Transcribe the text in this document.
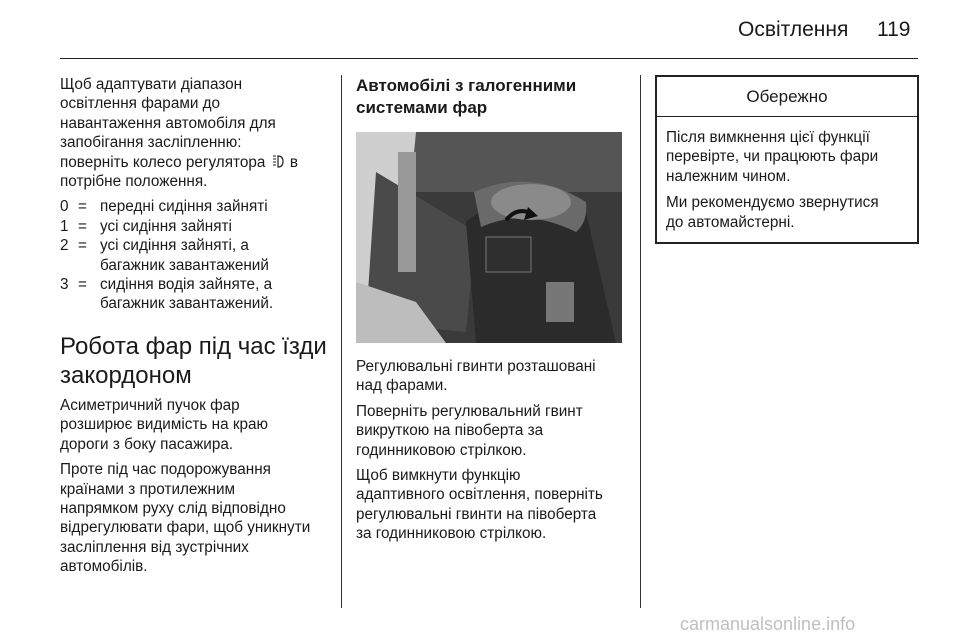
Освітлення 119

Щоб адаптувати діапазон
освітлення фарами до
навантаження автомобіля для
запобігання засліпленню:
поверніть колесо регулятора в
потрібне положення.

0 = передні сидіння зайняті
1 = усі сидіння зайняті
2 = усі сидіння зайняті, а
багажник завантажений
3 = сидіння водія зайняте, а
багажник завантажений.
Робота фар під час їзди
закордоном

Асиметричний пучок фар
розширює видимість на краю
дороги з боку пасажира.

Проте під час подорожування
країнами з протилежним
напрямком руху слід відповідно
відрегулювати фари, щоб уникнути
засліплення від зустрічних
автомобілів.

Автомобілі з галогенними
системами фар

Регулювальні гвинти розташовані
над фарами.

Поверніть регулювальний гвинт
викруткою на півоберта за
годинниковою стрілкою.

Щоб вимкнути функцію
адаптивного освітлення, поверніть
регулювальні гвинти на півоберта
за годинниковою стрілкою.

Обережно

Після вимкнення цієї функції
перевірте, чи працюють фари
належним чином.

Ми рекомендуємо звернутися
до автомайстерні.

carmanualsonline.info
